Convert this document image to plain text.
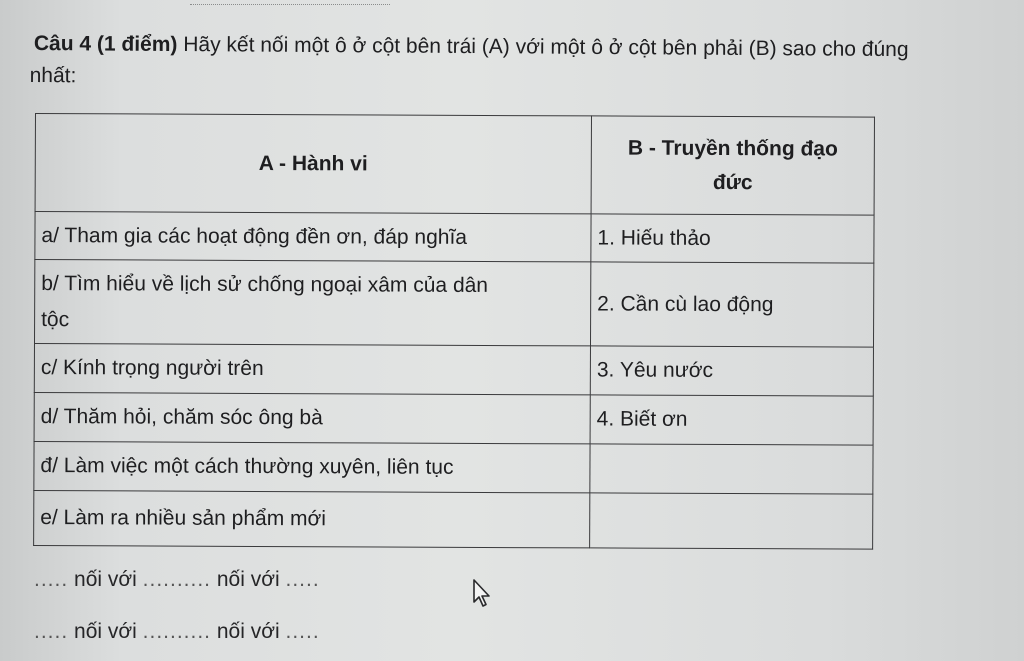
Câu 4 (1 điểm) Hãy kết nối một ô ở cột bên trái (A) với một ô ở cột bên phải (B) sao cho đúng
nhất:
A - Hành vi	B - Truyền thống đạo
đức
a/ Tham gia các hoạt động đền ơn, đáp nghĩa	1. Hiếu thảo
b/ Tìm hiểu về lịch sử chống ngoại xâm của dân
tộc	2. Cần cù lao động
c/ Kính trọng người trên	3. Yêu nước
d/ Thăm hỏi, chăm sóc ông bà	4. Biết ơn
đ/ Làm việc một cách thường xuyên, liên tục	
e/ Làm ra nhiều sản phẩm mới	
..... nối với .......... nối với .....
..... nối với .......... nối với .....
